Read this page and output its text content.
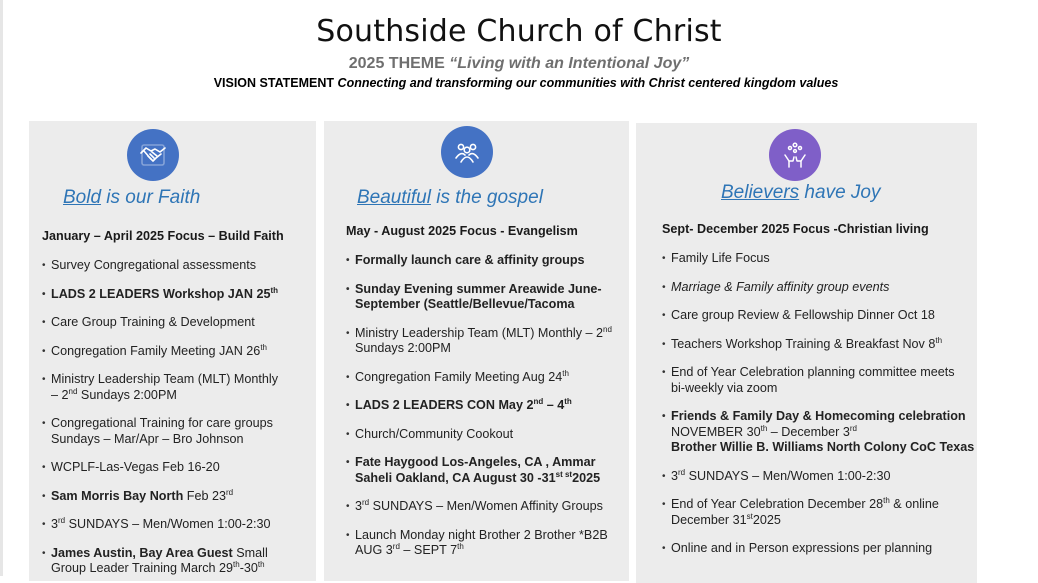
Southside Church of Christ
2025 THEME “Living with an Intentional Joy”
VISION STATEMENT Connecting and transforming our communities with Christ centered kingdom values
Bold is our Faith
January – April 2025 Focus – Build Faith
• Survey Congregational assessments
• LADS 2 LEADERS Workshop JAN 25th
• Care Group Training & Development
• Congregation Family Meeting JAN 26th
• Ministry Leadership Team (MLT) Monthly
– 2nd Sundays 2:00PM
• Congregational Training for care groups
Sundays – Mar/Apr – Bro Johnson
• WCPLF-Las-Vegas Feb 16-20
• Sam Morris Bay North Feb 23rd
• 3rd SUNDAYS – Men/Women 1:00-2:30
• James Austin, Bay Area Guest Small
Group Leader Training March 29th-30th
Beautiful is the gospel
May - August 2025 Focus - Evangelism
• Formally launch care & affinity groups
• Sunday Evening summer Areawide June-
September (Seattle/Bellevue/Tacoma
• Ministry Leadership Team (MLT) Monthly – 2nd
Sundays 2:00PM
• Congregation Family Meeting Aug 24th
• LADS 2 LEADERS CON May 2nd – 4th
• Church/Community Cookout
• Fate Haygood Los-Angeles, CA , Ammar
Saheli Oakland, CA August 30 $-31^{st st}2025$
• 3rd SUNDAYS – Men/Women Affinity Groups
• Launch Monday night Brother 2 Brother *B2B
AUG 3rd – SEPT 7th
Believers have Joy
Sept- December 2025 Focus -Christian living
• Family Life Focus
• Marriage & Family affinity group events
• Care group Review & Fellowship Dinner Oct 18
• Teachers Workshop Training & Breakfast Nov 8th
• End of Year Celebration planning committee meets
bi-weekly via zoom
• Friends & Family Day & Homecoming celebration
NOVEMBER 30th – December 3rd
Brother Willie B. Williams North Colony CoC Texas
• 3rd SUNDAYS – Men/Women 1:00-2:30
• End of Year Celebration December 28th & online
December 31st2025
• Online and in Person expressions per planning
